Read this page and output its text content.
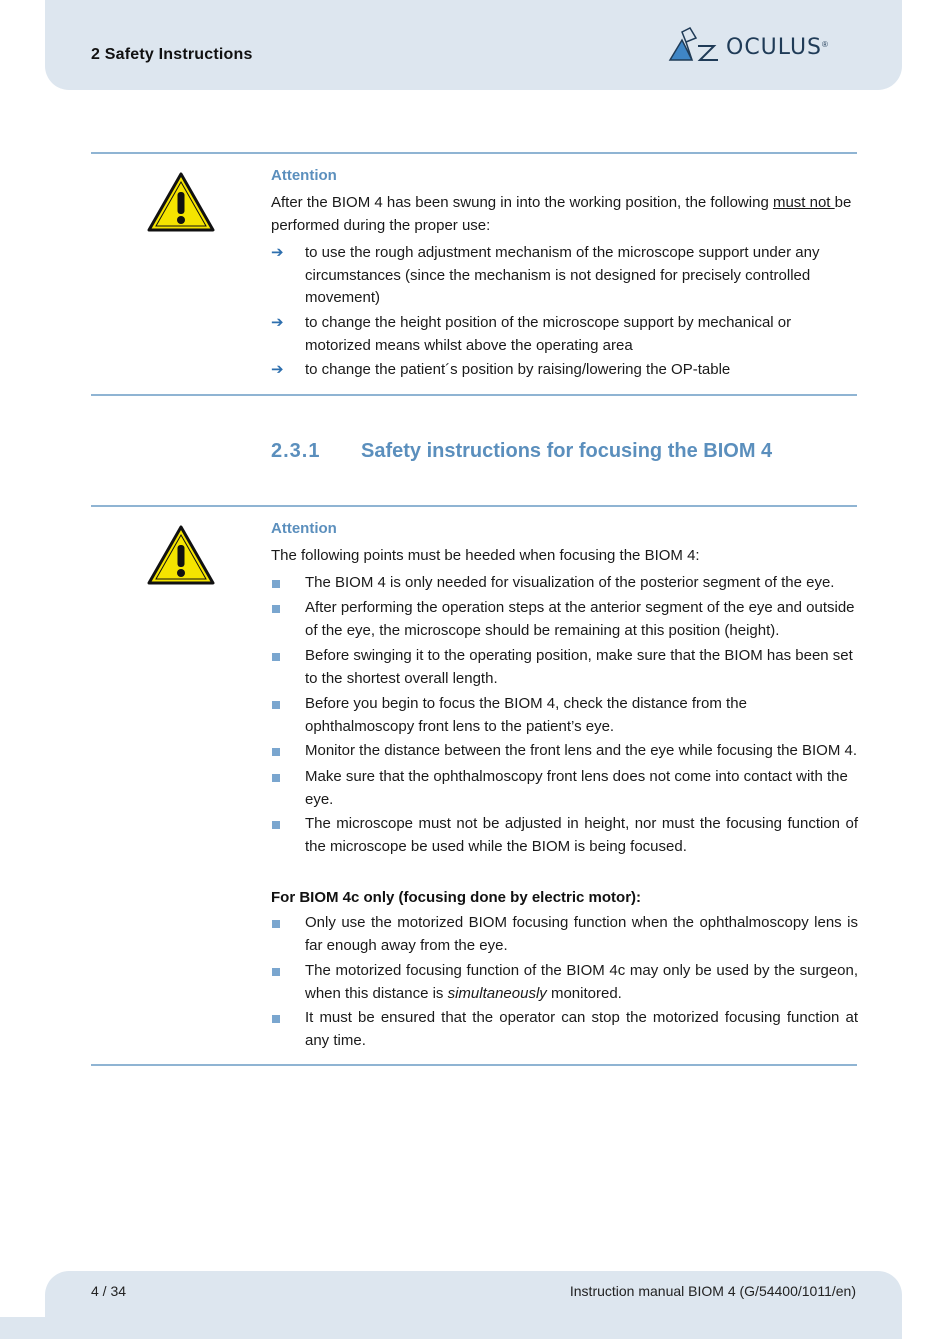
2 Safety Instructions	OCULUS ®
Attention
After the BIOM 4 has been swung in into the working position, the following must not be performed during the proper use:
➔	to use the rough adjustment mechanism of the microscope support under any circumstances (since the mechanism is not designed for precisely controlled movement)
➔	to change the height position of the microscope support by mechanical or motorized means whilst above the operating area
➔	to change the patient´s position by raising/lowering the OP-table
2.3.1 Safety instructions for focusing the BIOM 4
Attention
The following points must be heeded when focusing the BIOM 4:
The BIOM 4 is only needed for visualization of the posterior segment of the eye.
After performing the operation steps at the anterior segment of the eye and outside of the eye, the microscope should be remaining at this position (height).
Before swinging it to the operating position, make sure that the BIOM has been set to the shortest overall length.
Before you begin to focus the BIOM 4, check the distance from the ophthalmoscopy front lens to the patient’s eye.
Monitor the distance between the front lens and the eye while focusing the BIOM 4.
Make sure that the ophthalmoscopy front lens does not come into contact with the eye.
The microscope must not be adjusted in height, nor must the focusing function of the microscope be used while the BIOM is being focused.
For BIOM 4c only (focusing done by electric motor):
Only use the motorized BIOM focusing function when the ophthalmoscopy lens is far enough away from the eye.
The motorized focusing function of the BIOM 4c may only be used by the surgeon, when this distance is simultaneously monitored.
It must be ensured that the operator can stop the motorized focusing function at any time.
4 / 34	Instruction manual BIOM 4 (G/54400/1011/en)
